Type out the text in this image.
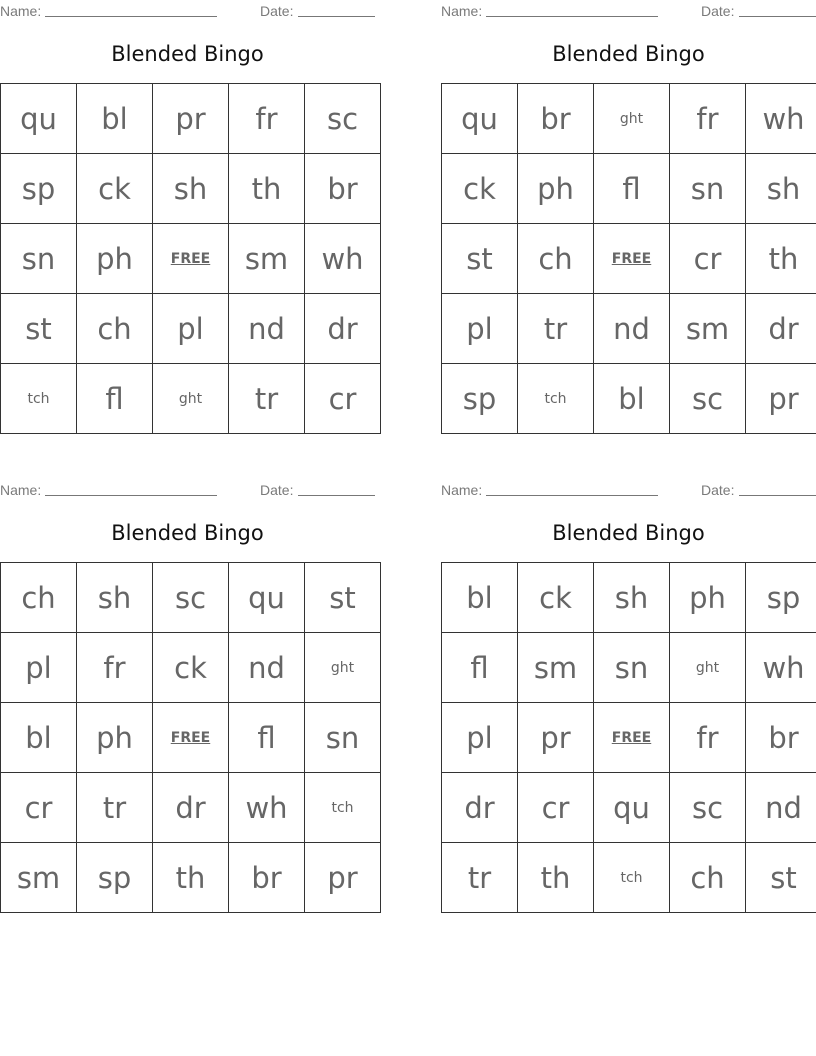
Name:	Date:
Blended Bingo
qu	bl	pr	fr	sc
sp	ck	sh	th	br
sn	ph	FREE	sm	wh
st	ch	pl	nd	dr
tch	fl	ght	tr	cr
Name:	Date:
Blended Bingo
qu	br	ght	fr	wh
ck	ph	fl	sn	sh
st	ch	FREE	cr	th
pl	tr	nd	sm	dr
sp	tch	bl	sc	pr
Name:	Date:
Blended Bingo
ch	sh	sc	qu	st
pl	fr	ck	nd	ght
bl	ph	FREE	fl	sn
cr	tr	dr	wh	tch
sm	sp	th	br	pr
Name:	Date:
Blended Bingo
bl	ck	sh	ph	sp
fl	sm	sn	ght	wh
pl	pr	FREE	fr	br
dr	cr	qu	sc	nd
tr	th	tch	ch	st
